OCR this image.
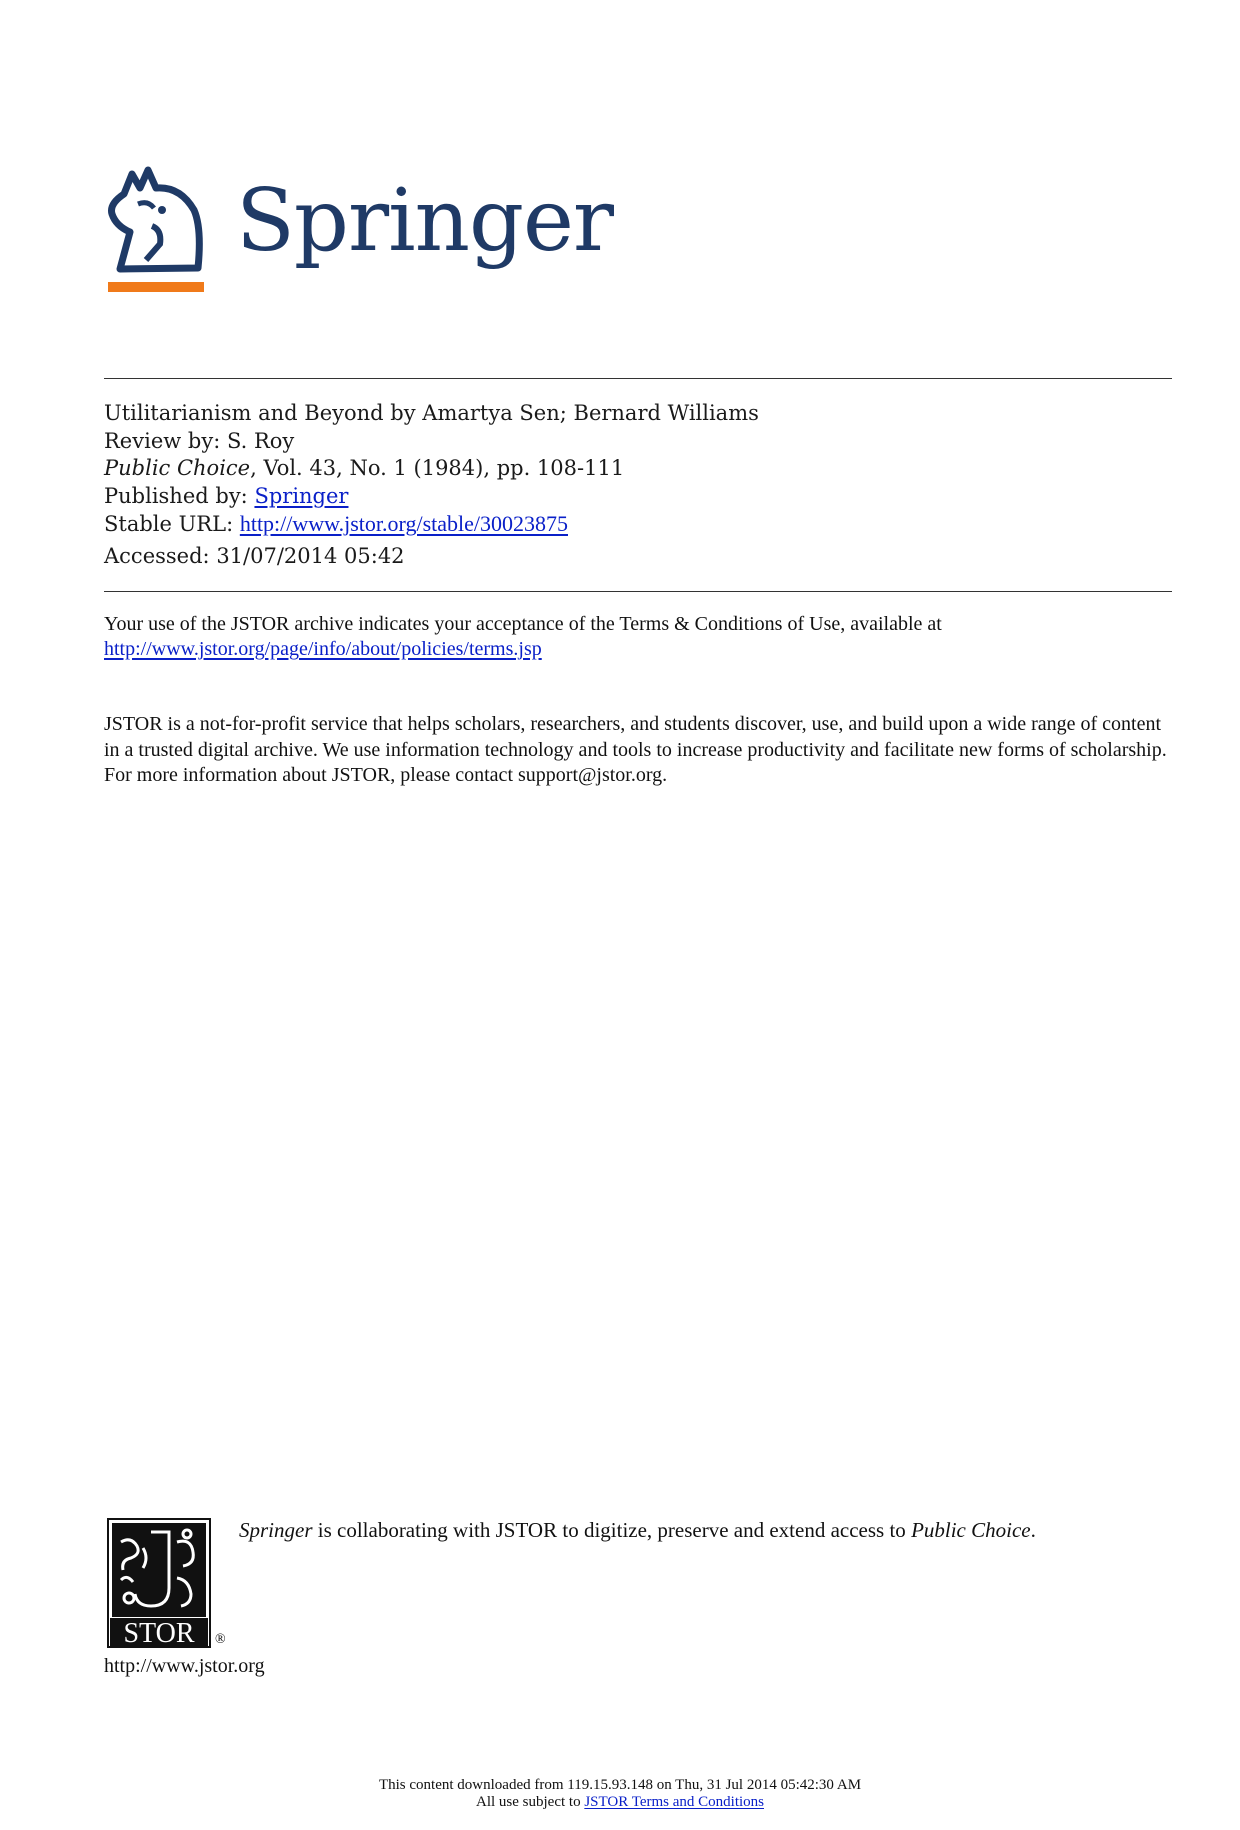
Springer
Utilitarianism and Beyond by Amartya Sen; Bernard Williams
Review by: S. Roy
Public Choice, Vol. 43, No. 1 (1984), pp. 108-111
Published by: Springer
Stable URL: http://www.jstor.org/stable/30023875
Accessed: 31/07/2014 05:42
Your use of the JSTOR archive indicates your acceptance of the Terms & Conditions of Use, available at
http://www.jstor.org/page/info/about/policies/terms.jsp
JSTOR is a not-for-profit service that helps scholars, researchers, and students discover, use, and build upon a wide range of content in a trusted digital archive. We use information technology and tools to increase productivity and facilitate new forms of scholarship. For more information about JSTOR, please contact support@jstor.org.
STOR ®
Springer is collaborating with JSTOR to digitize, preserve and extend access to Public Choice.
http://www.jstor.org
This content downloaded from 119.15.93.148 on Thu, 31 Jul 2014 05:42:30 AM
All use subject to JSTOR Terms and Conditions
